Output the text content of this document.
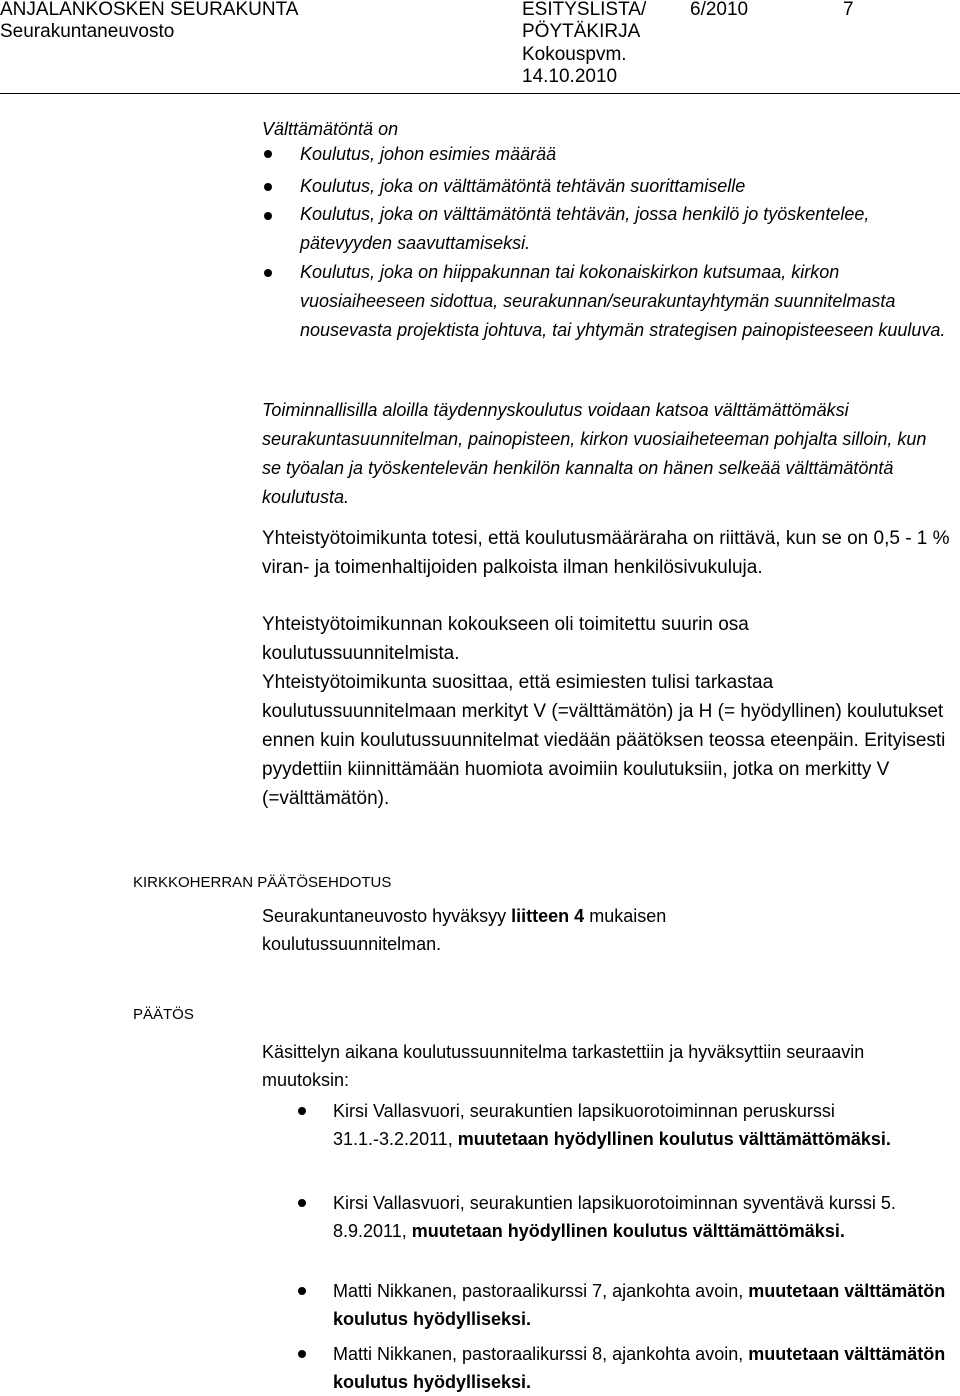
ANJALANKOSKEN SEURAKUNTA
Seurakuntaneuvosto
ESITYSLISTA/
PÖYTÄKIRJA
Kokouspvm.
14.10.2010
6/2010	7
Välttämätöntä on
Koulutus, johon esimies määrää
Koulutus, joka on välttämätöntä tehtävän suorittamiselle
Koulutus, joka on välttämätöntä tehtävän, jossa henkilö jo työskentelee, pätevyyden saavuttamiseksi.
Koulutus, joka on hiippakunnan tai kokonaiskirkon kutsumaa, kirkon vuosiaiheeseen sidottua, seurakunnan/seurakuntayhtymän suunnitelmasta nousevasta projektista johtuva, tai yhtymän strategisen painopisteeseen kuuluva.
Toiminnallisilla aloilla täydennyskoulutus voidaan katsoa välttämättömäksi seurakuntasuunnitelman, painopisteen, kirkon vuosiaiheteeman pohjalta silloin, kun se työalan ja työskentelevän henkilön kannalta on hänen selkeää välttämätöntä koulutusta.
Yhteistyötoimikunta totesi, että koulutusmääräraha on riittävä, kun se on 0,5 - 1 % viran- ja toimenhaltijoiden palkoista ilman henkilösivukuluja.
Yhteistyötoimikunnan kokoukseen oli toimitettu suurin osa koulutussuunnitelmista.
Yhteistyötoimikunta suosittaa, että esimiesten tulisi tarkastaa koulutussuunnitelmaan merkityt V (=välttämätön) ja H (= hyödyllinen) koulutukset ennen kuin koulutussuunnitelmat viedään päätöksen teossa eteenpäin. Erityisesti pyydettiin kiinnittämään huomiota avoimiin koulutuksiin, jotka on merkitty V (=välttämätön).
KIRKKOHERRAN PÄÄTÖSEHDOTUS
Seurakuntaneuvosto hyväksyy liitteen 4 mukaisen koulutussuunnitelman.
PÄÄTÖS
Käsittelyn aikana koulutussuunnitelma tarkastettiin ja hyväksyttiin seuraavin muutoksin:
Kirsi Vallasvuori, seurakuntien lapsikuorotoiminnan peruskurssi 31.1.-3.2.2011, muutetaan hyödyllinen koulutus välttämättömäksi.
Kirsi Vallasvuori, seurakuntien lapsikuorotoiminnan syventävä kurssi 5. 8.9.2011, muutetaan hyödyllinen koulutus välttämättömäksi.
Matti Nikkanen, pastoraalikurssi 7, ajankohta avoin, muutetaan välttämätön koulutus hyödylliseksi.
Matti Nikkanen, pastoraalikurssi 8, ajankohta avoin, muutetaan välttämätön koulutus hyödylliseksi.
